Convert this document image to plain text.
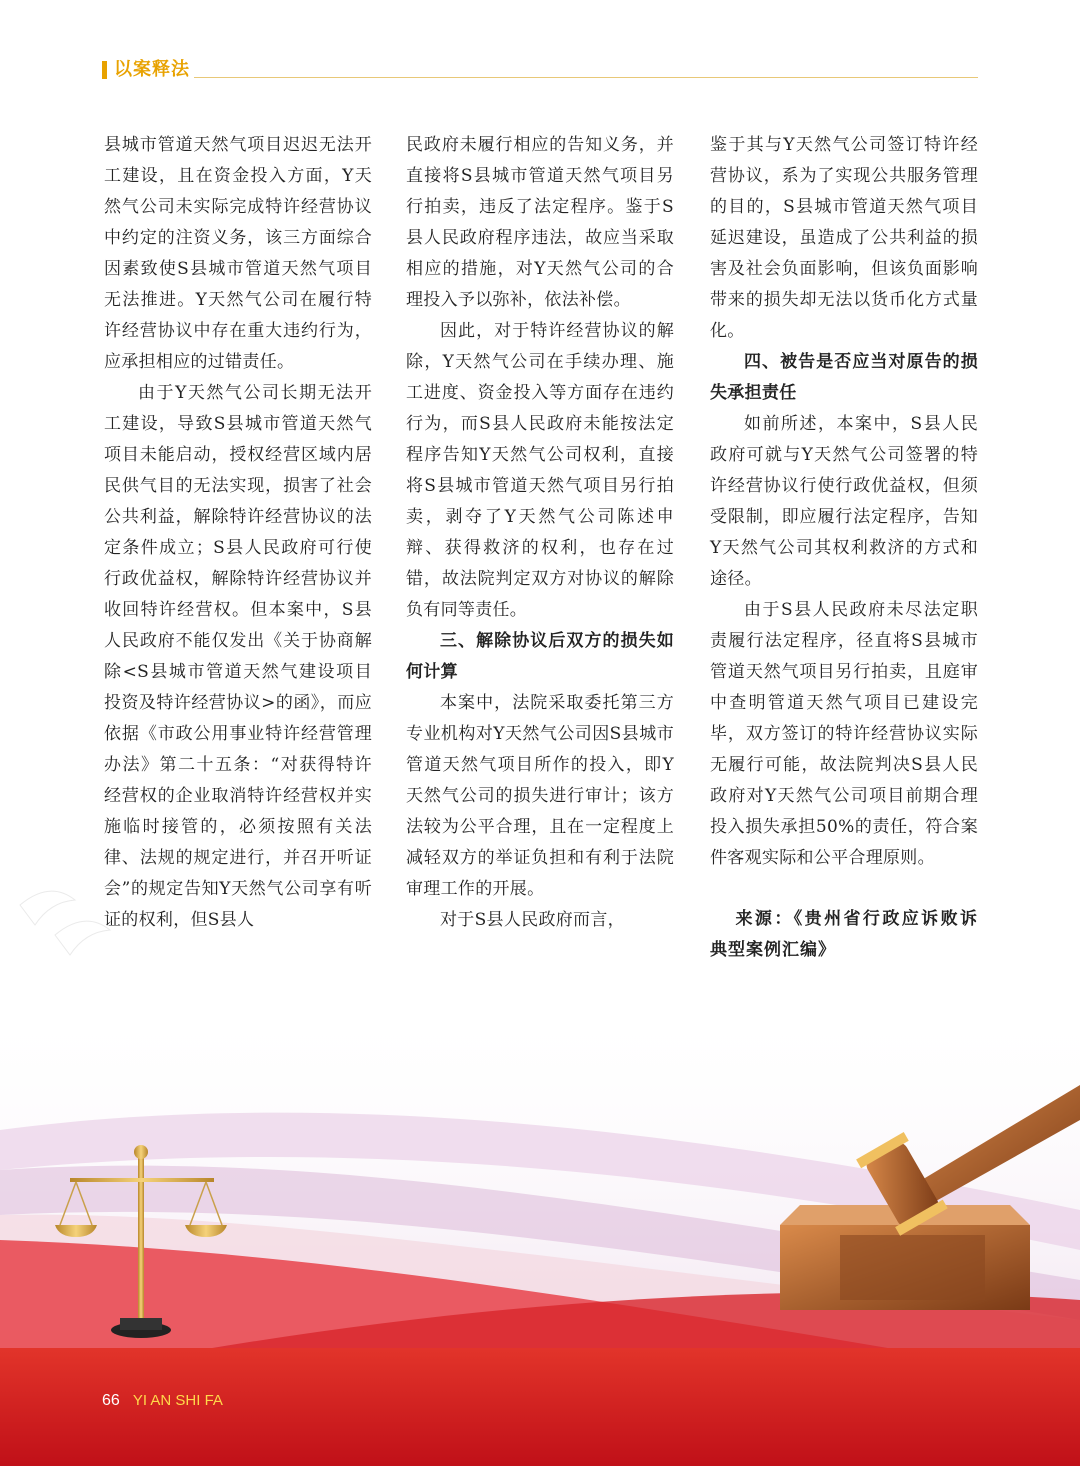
以案释法

县城市管道天然气项目迟迟无法开工建设，且在资金投入方面，Y天然气公司未实际完成特许经营协议中约定的注资义务，该三方面综合因素致使S县城市管道天然气项目无法推进。Y天然气公司在履行特许经营协议中存在重大违约行为，应承担相应的过错责任。

由于Y天然气公司长期无法开工建设，导致S县城市管道天然气项目未能启动，授权经营区域内居民供气目的无法实现，损害了社会公共利益，解除特许经营协议的法定条件成立；S县人民政府可行使行政优益权，解除特许经营协议并收回特许经营权。但本案中，S县人民政府不能仅发出《关于协商解除<S县城市管道天然气建设项目投资及特许经营协议>的函》，而应依据《市政公用事业特许经营管理办法》第二十五条：“对获得特许经营权的企业取消特许经营权并实施临时接管的，必须按照有关法律、法规的规定进行，并召开听证会”的规定告知Y天然气公司享有听证的权利，但S县人

民政府未履行相应的告知义务，并直接将S县城市管道天然气项目另行拍卖，违反了法定程序。鉴于S县人民政府程序违法，故应当采取相应的措施，对Y天然气公司的合理投入予以弥补，依法补偿。

因此，对于特许经营协议的解除，Y天然气公司在手续办理、施工进度、资金投入等方面存在违约行为，而S县人民政府未能按法定程序告知Y天然气公司权利，直接将S县城市管道天然气项目另行拍卖，剥夺了Y天然气公司陈述申辩、获得救济的权利，也存在过错，故法院判定双方对协议的解除负有同等责任。

三、解除协议后双方的损失如何计算

本案中，法院采取委托第三方专业机构对Y天然气公司因S县城市管道天然气项目所作的投入，即Y天然气公司的损失进行审计；该方法较为公平合理，且在一定程度上减轻双方的举证负担和有利于法院审理工作的开展。

对于S县人民政府而言，

鉴于其与Y天然气公司签订特许经营协议，系为了实现公共服务管理的目的，S县城市管道天然气项目延迟建设，虽造成了公共利益的损害及社会负面影响，但该负面影响带来的损失却无法以货币化方式量化。

四、被告是否应当对原告的损失承担责任

如前所述，本案中，S县人民政府可就与Y天然气公司签署的特许经营协议行使行政优益权，但须受限制，即应履行法定程序，告知Y天然气公司其权利救济的方式和途径。

由于S县人民政府未尽法定职责履行法定程序，径直将S县城市管道天然气项目另行拍卖，且庭审中查明管道天然气项目已建设完毕，双方签订的特许经营协议实际无履行可能，故法院判决S县人民政府对Y天然气公司项目前期合理投入损失承担50%的责任，符合案件客观实际和公平合理原则。

来源：《贵州省行政应诉败诉典型案例汇编》

66 YI AN SHI FA
